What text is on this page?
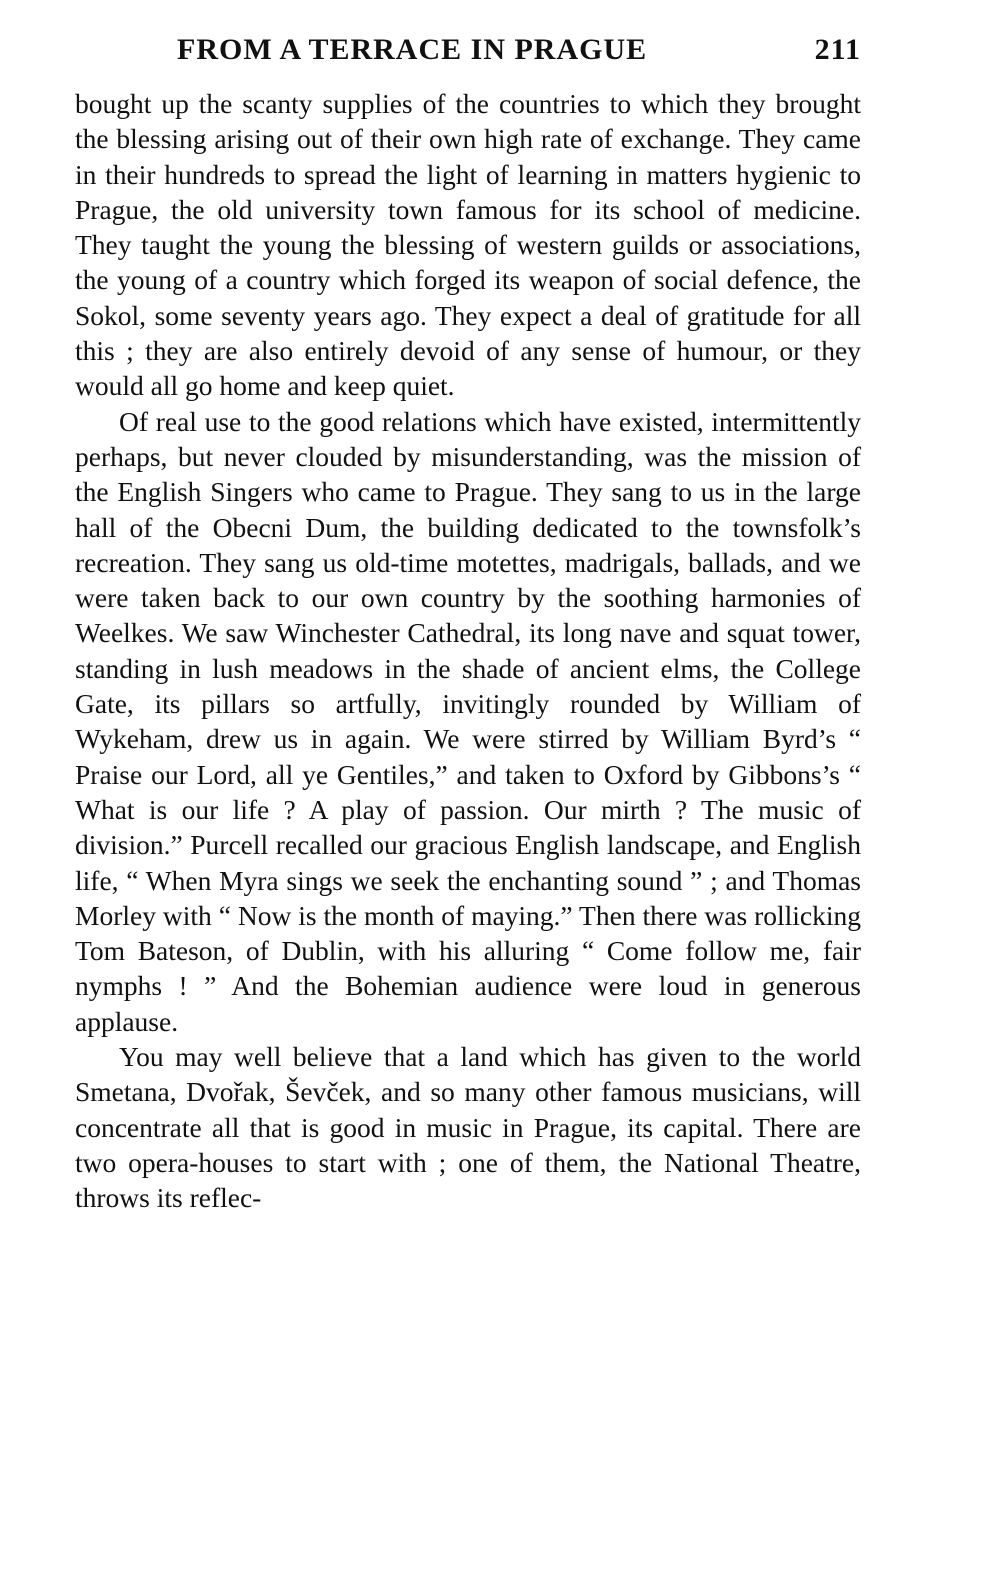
FROM A TERRACE IN PRAGUE	211

bought up the scanty supplies of the countries to which they brought the blessing arising out of their own high rate of exchange. They came in their hundreds to spread the light of learning in matters hygienic to Prague, the old university town famous for its school of medicine. They taught the young the blessing of western guilds or associations, the young of a country which forged its weapon of social defence, the Sokol, some seventy years ago. They expect a deal of gratitude for all this ; they are also entirely devoid of any sense of humour, or they would all go home and keep quiet.

Of real use to the good relations which have existed, intermittently perhaps, but never clouded by misunderstanding, was the mission of the English Singers who came to Prague. They sang to us in the large hall of the Obecni Dum, the building dedicated to the townsfolk’s recreation. They sang us old-time motettes, madrigals, ballads, and we were taken back to our own country by the soothing harmonies of Weelkes. We saw Winchester Cathedral, its long nave and squat tower, standing in lush meadows in the shade of ancient elms, the College Gate, its pillars so artfully, invitingly rounded by William of Wykeham, drew us in again. We were stirred by William Byrd’s “ Praise our Lord, all ye Gentiles,” and taken to Oxford by Gibbons’s “ What is our life ? A play of passion. Our mirth ? The music of division.” Purcell recalled our gracious English landscape, and English life, “ When Myra sings we seek the enchanting sound ” ; and Thomas Morley with “ Now is the month of maying.” Then there was rollicking Tom Bateson, of Dublin, with his alluring “ Come follow me, fair nymphs ! ” And the Bohemian audience were loud in generous applause.

You may well believe that a land which has given to the world Smetana, Dvořak, Ševček, and so many other famous musicians, will concentrate all that is good in music in Prague, its capital. There are two opera-houses to start with ; one of them, the National Theatre, throws its reflec-
